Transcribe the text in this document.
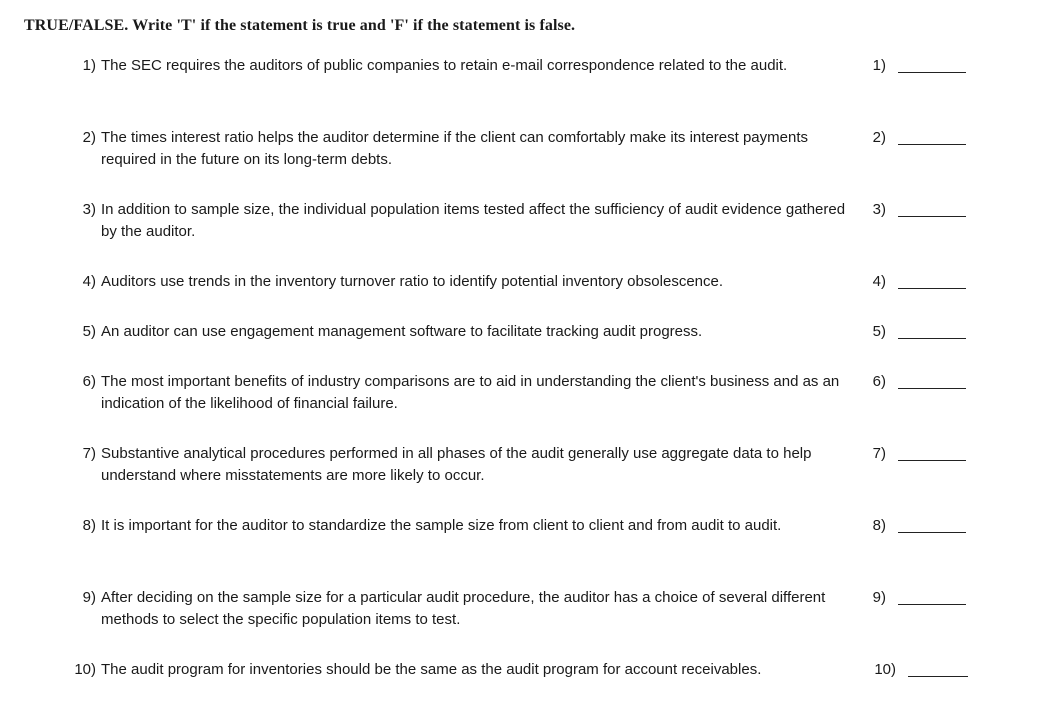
TRUE/FALSE. Write 'T' if the statement is true and 'F' if the statement is false.
1) The SEC requires the auditors of public companies to retain e-mail correspondence related to the audit.	1)
2) The times interest ratio helps the auditor determine if the client can comfortably make its interest payments required in the future on its long-term debts.
2)
3) In addition to sample size, the individual population items tested affect the sufficiency of audit evidence gathered by the auditor.
3)
4) Auditors use trends in the inventory turnover ratio to identify potential inventory obsolescence.	4)
5) An auditor can use engagement management software to facilitate tracking audit progress.	5)
6) The most important benefits of industry comparisons are to aid in understanding the client's business and as an indication of the likelihood of financial failure.
6)
7) Substantive analytical procedures performed in all phases of the audit generally use aggregate data to help understand where misstatements are more likely to occur.
7)
8) It is important for the auditor to standardize the sample size from client to client and from audit to audit.	8)
9) After deciding on the sample size for a particular audit procedure, the auditor has a choice of several different methods to select the specific population items to test.
9)
10) The audit program for inventories should be the same as the audit program for account receivables.	10)
